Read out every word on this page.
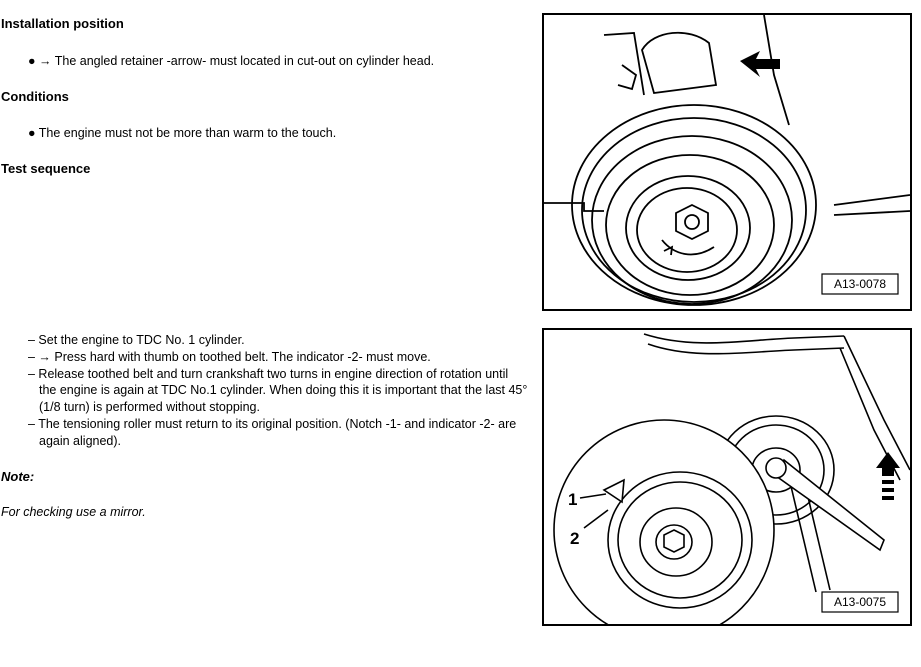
Installation position
● → The angled retainer -arrow- must located in cut-out on cylinder head.
Conditions
● The engine must not be more than warm to the touch.
Test sequence
– Set the engine to TDC No. 1 cylinder.
– → Press hard with thumb on toothed belt. The indicator -2- must move.
– Release toothed belt and turn crankshaft two turns in engine direction of rotation until the engine is again at TDC No.1 cylinder. When doing this it is important that the last 45° (1/8 turn) is performed without stopping.
– The tensioning roller must return to its original position. (Notch -1- and indicator -2- are again aligned).
Note:
For checking use a mirror.
A13-0078
1
2
A13-0075
